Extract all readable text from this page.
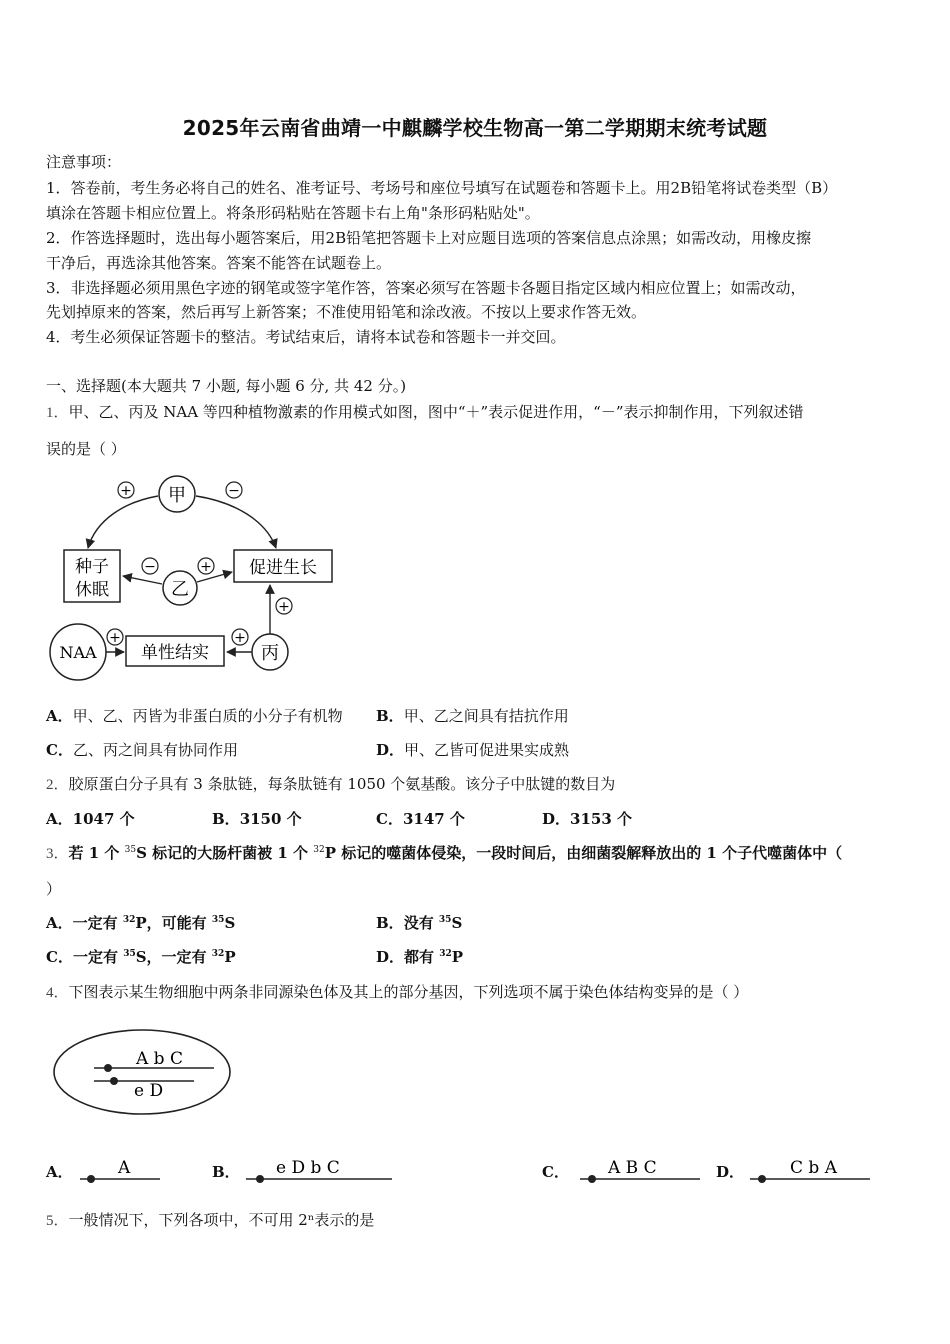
2025年云南省曲靖一中麒麟学校生物高一第二学期期末统考试题
注意事项：
1．答卷前，考生务必将自己的姓名、准考证号、考场号和座位号填写在试题卷和答题卡上。用2B铅笔将试卷类型（B）
填涂在答题卡相应位置上。将条形码粘贴在答题卡右上角"条形码粘贴处"。
2．作答选择题时，选出每小题答案后，用2B铅笔把答题卡上对应题目选项的答案信息点涂黑；如需改动，用橡皮擦
干净后，再选涂其他答案。答案不能答在试题卷上。
3．非选择题必须用黑色字迹的钢笔或签字笔作答，答案必须写在答题卡各题目指定区域内相应位置上；如需改动，
先划掉原来的答案，然后再写上新答案；不准使用铅笔和涂改液。不按以上要求作答无效。
4．考生必须保证答题卡的整洁。考试结束后，请将本试卷和答题卡一并交回。
一、选择题(本大题共 7 小题, 每小题 6 分, 共 42 分。)
1．甲、乙、丙及 NAA 等四种植物激素的作用模式如图，图中“＋”表示促进作用，“－”表示抑制作用，下列叙述错
误的是（ ）
甲
+	−
种子
休眠
促进生长
乙
−	+
+
NAA	单性结实
+
丙
+
A．甲、乙、丙皆为非蛋白质的小分子有机物 B．甲、乙之间具有拮抗作用
C．乙、丙之间具有协同作用	D．甲、乙皆可促进果实成熟
2．胶原蛋白分子具有 3 条肽链，每条肽链有 1050 个氨基酸。该分子中肽键的数目为
A．1047 个	B．3150 个	C．3147 个	D．3153 个
3．若 1 个 $^{35}$S 标记的大肠杆菌被 1 个 $^{32}$P 标记的噬菌体侵染，一段时间后，由细菌裂解释放出的 1 个子代噬菌体中（
）
A．一定有 $^{32}$P，可能有 $^{35}$S	B．没有 $^{35}$S
C．一定有 $^{35}$S，一定有 $^{32}$P	D．都有 $^{32}$P
4．下图表示某生物细胞中两条非同源染色体及其上的部分基因，下列选项不属于染色体结构变异的是（ ）
A b C
e D
A．	A	B． e D b C	C． A B C	D．	C b A
5．一般情况下，下列各项中，不可用 2ⁿ表示的是
